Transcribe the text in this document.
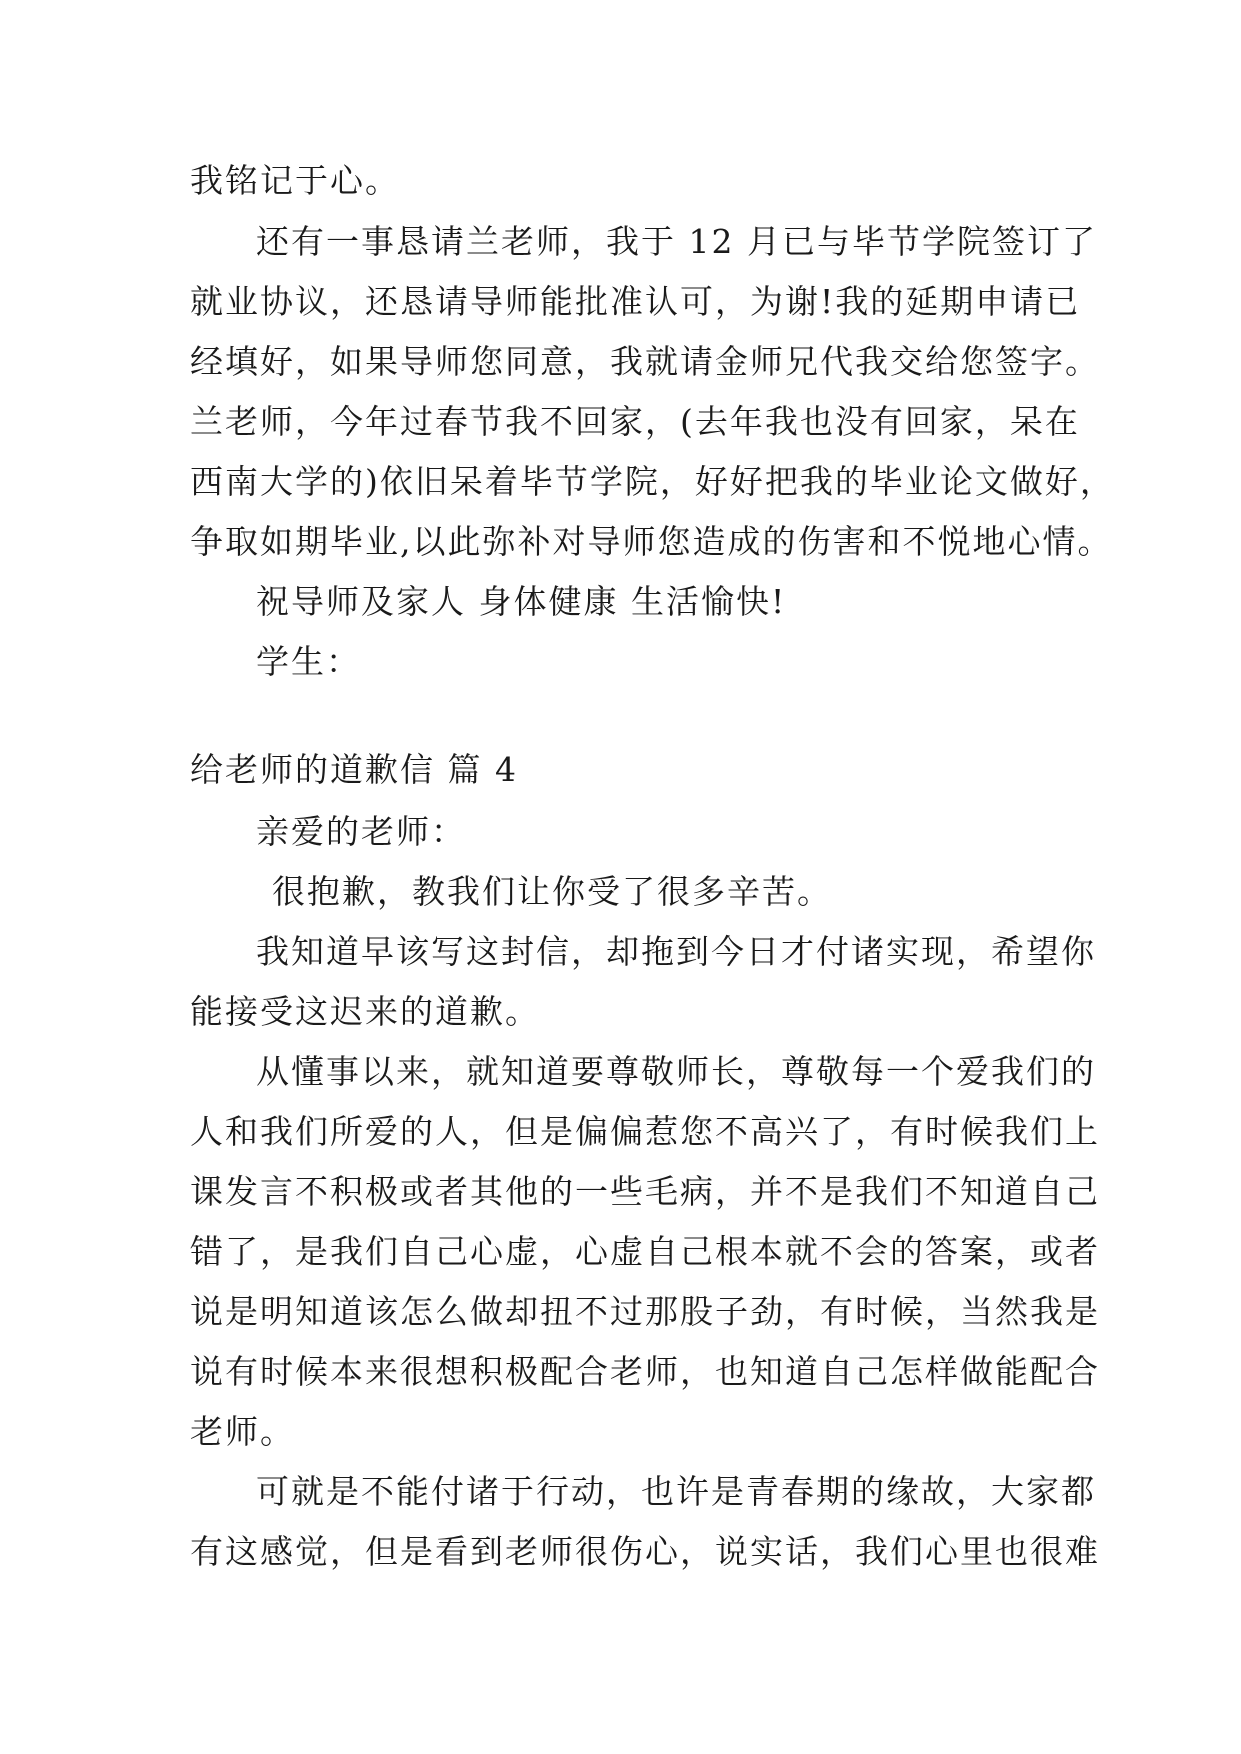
我铭记于心。
还有一事恳请兰老师，我于 12 月已与毕节学院签订了
就业协议，还恳请导师能批准认可，为谢!我的延期申请已
经填好，如果导师您同意，我就请金师兄代我交给您签字。
兰老师，今年过春节我不回家，(去年我也没有回家，呆在
西南大学的)依旧呆着毕节学院，好好把我的毕业论文做好，
争取如期毕业,以此弥补对导师您造成的伤害和不悦地心情。
祝导师及家人 身体健康 生活愉快!
学生：
给老师的道歉信 篇 4
亲爱的老师：
很抱歉，教我们让你受了很多辛苦。
我知道早该写这封信，却拖到今日才付诸实现，希望你
能接受这迟来的道歉。
从懂事以来，就知道要尊敬师长，尊敬每一个爱我们的
人和我们所爱的人，但是偏偏惹您不高兴了，有时候我们上
课发言不积极或者其他的一些毛病，并不是我们不知道自己
错了，是我们自己心虚，心虚自己根本就不会的答案，或者
说是明知道该怎么做却扭不过那股子劲，有时候，当然我是
说有时候本来很想积极配合老师，也知道自己怎样做能配合
老师。
可就是不能付诸于行动，也许是青春期的缘故，大家都
有这感觉，但是看到老师很伤心，说实话，我们心里也很难
